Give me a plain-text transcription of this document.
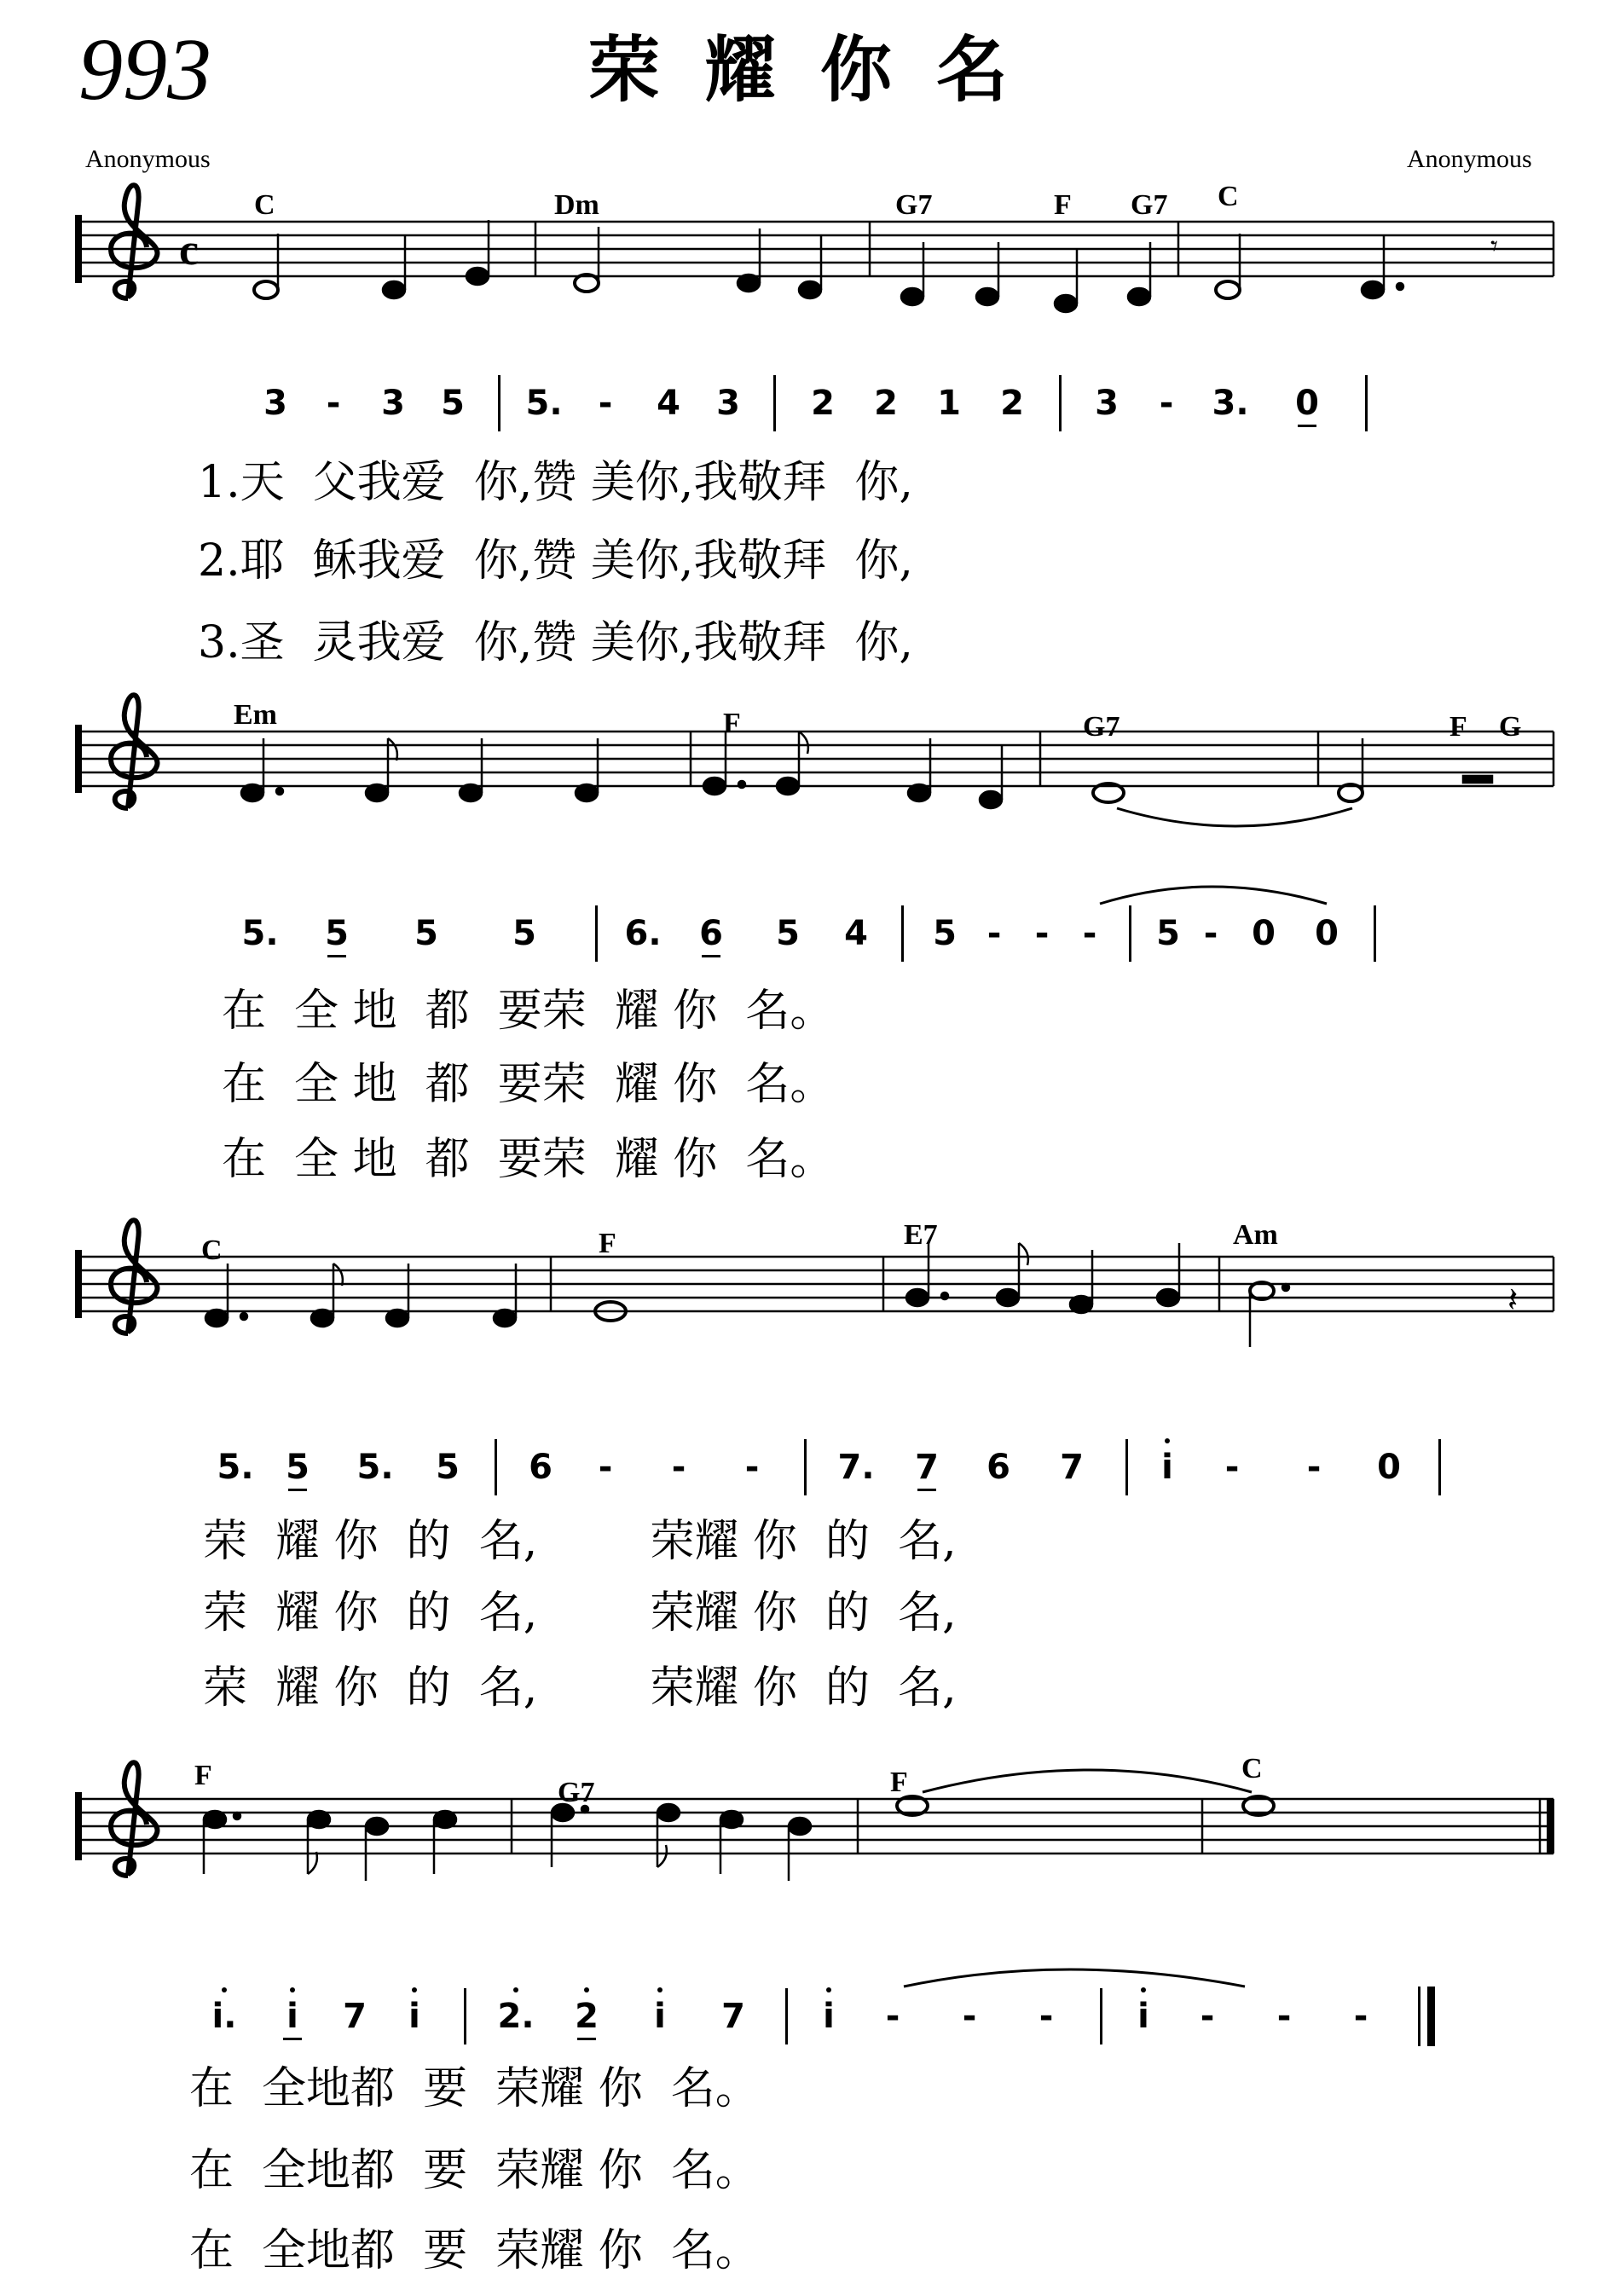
993	荣耀你名
Anonymous	Anonymous
c	𝄾
𝄽
C	Dm	G7	F G7 C
Em	F	G7	F G
C	F	E7	Am
F
G7	F	C
3	-	3	5	5.	-	4	3	2	2	1	2	3	-	3.	0
1.天  父我爱  你,赞 美你,我敬拜  你,
2.耶  稣我爱  你,赞 美你,我敬拜  你,
3.圣  灵我爱  你,赞 美你,我敬拜  你,
5.	5	5	5	6.	6	5	4	5 - - -	5 - 0	0
在  全 地  都  要荣  耀 你  名。
在  全 地  都  要荣  耀 你  名。
在  全 地  都  要荣  耀 你  名。
5. 5	5.	5	6	-	-	-	7.	7	6	7	i	-	-	0
荣  耀 你  的  名,        荣耀 你  的  名,
荣  耀 你  的  名,        荣耀 你  的  名,
荣  耀 你  的  名,        荣耀 你  的  名,
i.	i	7	i	2.	2	i	7	i	-	-	-	i	-	-	-
在  全地都  要  荣耀 你  名。
在  全地都  要  荣耀 你  名。
在  全地都  要  荣耀 你  名。
